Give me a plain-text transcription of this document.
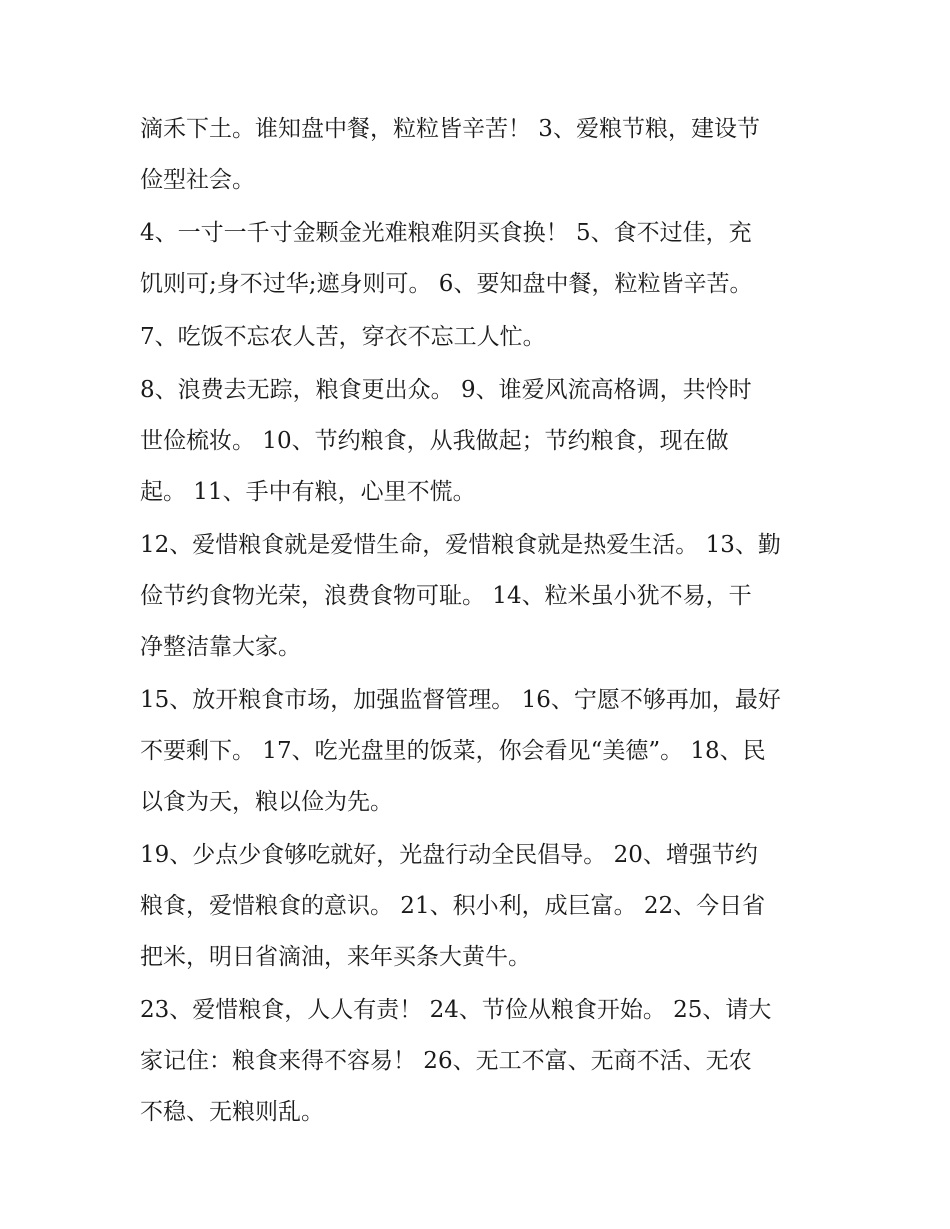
滴禾下土。谁知盘中餐，粒粒皆辛苦！ 3、爱粮节粮，建设节
俭型社会。
4、一寸一千寸金颗金光难粮难阴买食换！ 5、食不过佳，充
饥则可;身不过华;遮身则可。 6、要知盘中餐，粒粒皆辛苦。
7、吃饭不忘农人苦，穿衣不忘工人忙。
8、浪费去无踪，粮食更出众。 9、谁爱风流高格调，共怜时
世俭梳妆。 10、节约粮食，从我做起；节约粮食，现在做
起。 11、手中有粮，心里不慌。
12、爱惜粮食就是爱惜生命，爱惜粮食就是热爱生活。 13、勤
俭节约食物光荣，浪费食物可耻。 14、粒米虽小犹不易，干
净整洁靠大家。
15、放开粮食市场，加强监督管理。 16、宁愿不够再加，最好
不要剩下。 17、吃光盘里的饭菜，你会看见“美德”。 18、民
以食为天，粮以俭为先。
19、少点少食够吃就好，光盘行动全民倡导。 20、增强节约
粮食，爱惜粮食的意识。 21、积小利，成巨富。 22、今日省
把米，明日省滴油，来年买条大黄牛。
23、爱惜粮食，人人有责！ 24、节俭从粮食开始。 25、请大
家记住：粮食来得不容易！ 26、无工不富、无商不活、无农
不稳、无粮则乱。
